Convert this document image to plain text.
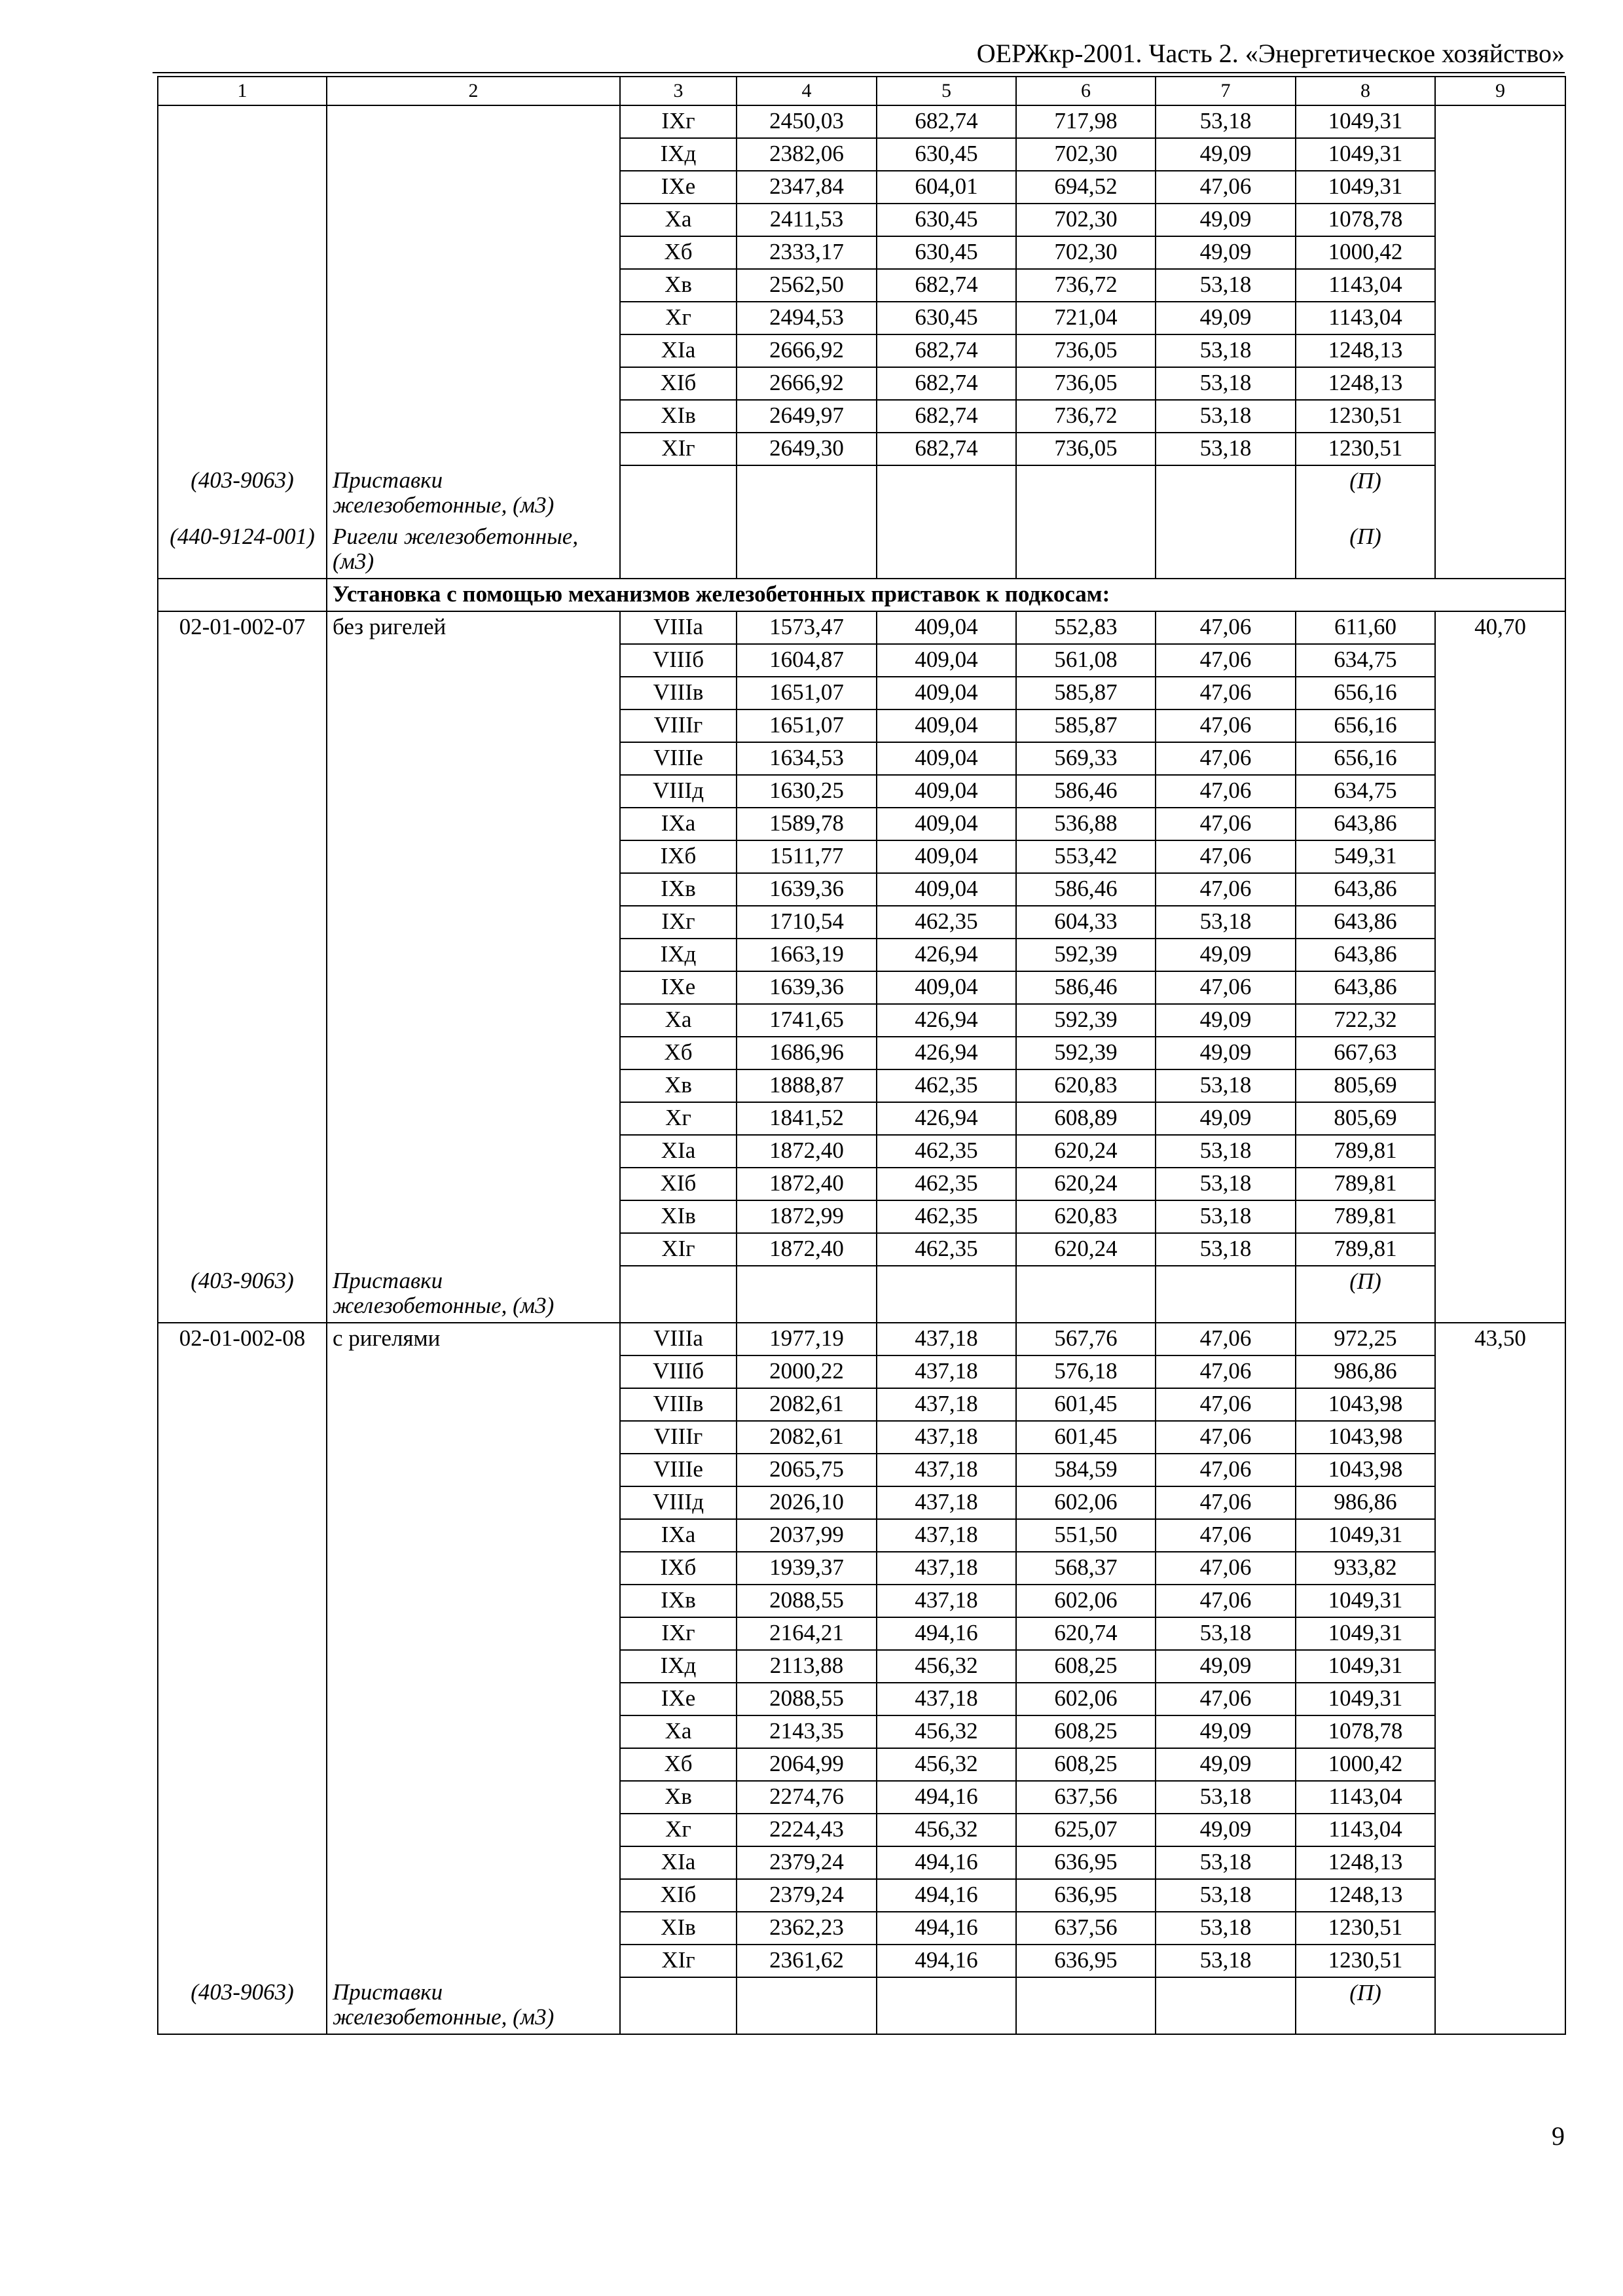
ОЕРЖкр-2001. Часть 2. «Энергетическое хозяйство»
1	2	3	4	5	6	7	8	9
		IXг	2450,03	682,74	717,98	53,18	1049,31	
		IXд	2382,06	630,45	702,30	49,09	1049,31	
		IXе	2347,84	604,01	694,52	47,06	1049,31	
		Xа	2411,53	630,45	702,30	49,09	1078,78	
		Xб	2333,17	630,45	702,30	49,09	1000,42	
		Xв	2562,50	682,74	736,72	53,18	1143,04	
		Xг	2494,53	630,45	721,04	49,09	1143,04	
		XIа	2666,92	682,74	736,05	53,18	1248,13	
		XIб	2666,92	682,74	736,05	53,18	1248,13	
		XIв	2649,97	682,74	736,72	53,18	1230,51	
		XIг	2649,30	682,74	736,05	53,18	1230,51	
(403-9063)	Приставки железобетонные, (м3)						(П)	
(440-9124-001)	Ригели железобетонные, (м3)						(П)	
	Установка с помощью механизмов железобетонных приставок к подкосам:							
02-01-002-07	без ригелей	VIIIа	1573,47	409,04	552,83	47,06	611,60	40,70
		VIIIб	1604,87	409,04	561,08	47,06	634,75	
		VIIIв	1651,07	409,04	585,87	47,06	656,16	
		VIIIг	1651,07	409,04	585,87	47,06	656,16	
		VIIIе	1634,53	409,04	569,33	47,06	656,16	
		VIIIд	1630,25	409,04	586,46	47,06	634,75	
		IXа	1589,78	409,04	536,88	47,06	643,86	
		IXб	1511,77	409,04	553,42	47,06	549,31	
		IXв	1639,36	409,04	586,46	47,06	643,86	
		IXг	1710,54	462,35	604,33	53,18	643,86	
		IXд	1663,19	426,94	592,39	49,09	643,86	
		IXе	1639,36	409,04	586,46	47,06	643,86	
		Xа	1741,65	426,94	592,39	49,09	722,32	
		Xб	1686,96	426,94	592,39	49,09	667,63	
		Xв	1888,87	462,35	620,83	53,18	805,69	
		Xг	1841,52	426,94	608,89	49,09	805,69	
		XIа	1872,40	462,35	620,24	53,18	789,81	
		XIб	1872,40	462,35	620,24	53,18	789,81	
		XIв	1872,99	462,35	620,83	53,18	789,81	
		XIг	1872,40	462,35	620,24	53,18	789,81	
(403-9063)	Приставки железобетонные, (м3)						(П)	
02-01-002-08	с ригелями	VIIIа	1977,19	437,18	567,76	47,06	972,25	43,50
		VIIIб	2000,22	437,18	576,18	47,06	986,86	
		VIIIв	2082,61	437,18	601,45	47,06	1043,98	
		VIIIг	2082,61	437,18	601,45	47,06	1043,98	
		VIIIе	2065,75	437,18	584,59	47,06	1043,98	
		VIIIд	2026,10	437,18	602,06	47,06	986,86	
		IXа	2037,99	437,18	551,50	47,06	1049,31	
		IXб	1939,37	437,18	568,37	47,06	933,82	
		IXв	2088,55	437,18	602,06	47,06	1049,31	
		IXг	2164,21	494,16	620,74	53,18	1049,31	
		IXд	2113,88	456,32	608,25	49,09	1049,31	
		IXе	2088,55	437,18	602,06	47,06	1049,31	
		Xа	2143,35	456,32	608,25	49,09	1078,78	
		Xб	2064,99	456,32	608,25	49,09	1000,42	
		Xв	2274,76	494,16	637,56	53,18	1143,04	
		Xг	2224,43	456,32	625,07	49,09	1143,04	
		XIа	2379,24	494,16	636,95	53,18	1248,13	
		XIб	2379,24	494,16	636,95	53,18	1248,13	
		XIв	2362,23	494,16	637,56	53,18	1230,51	
		XIг	2361,62	494,16	636,95	53,18	1230,51	
(403-9063)	Приставки железобетонные, (м3)						(П)	
9
